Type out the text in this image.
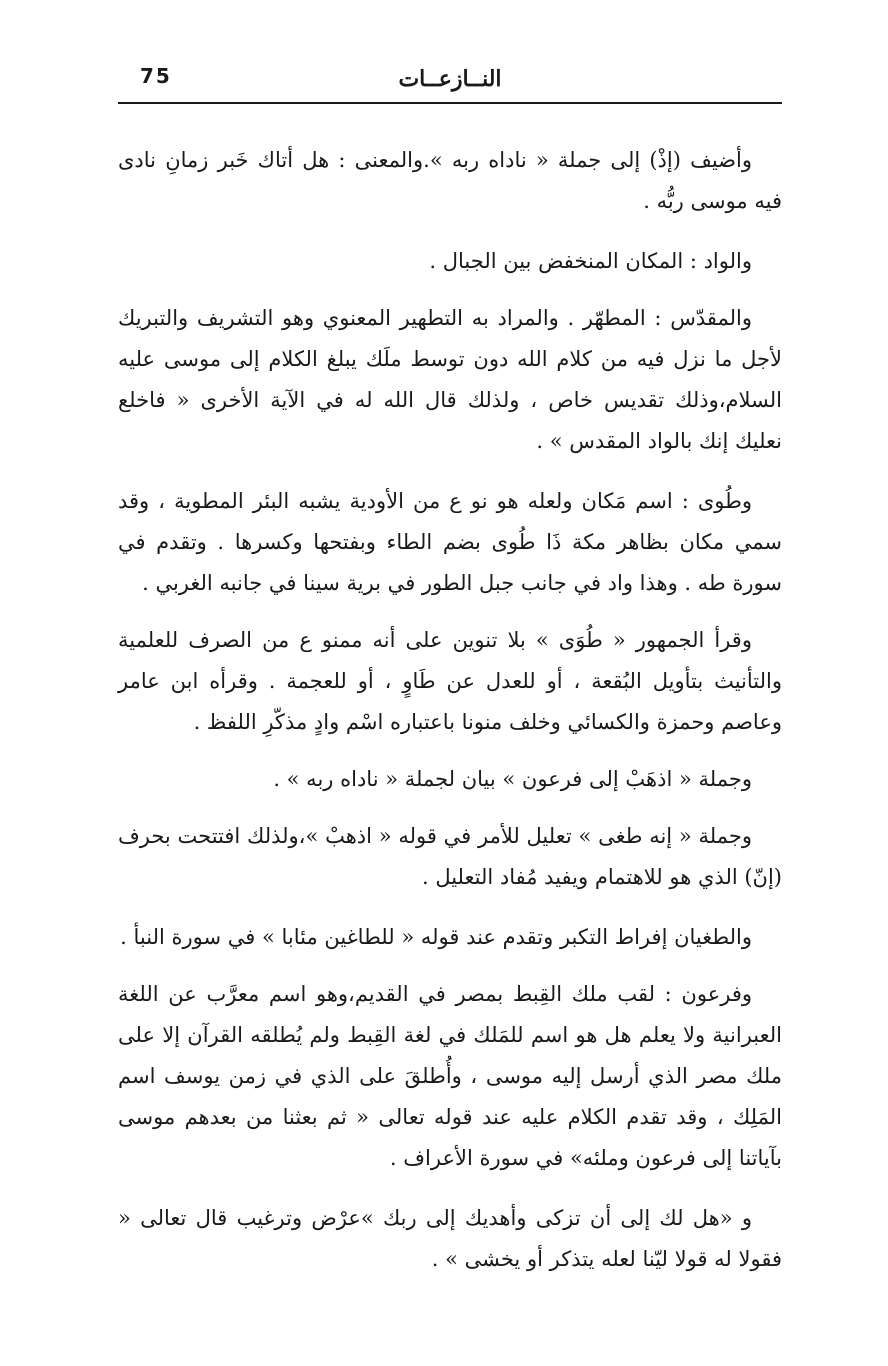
75	النــازعــات

وأضيف (إذْ) إلى جملة « ناداه ربه ».والمعنى : هل أتاك خَبر زمانِ نادى فيه موسى ربُّه .

والواد : المكان المنخفض بين الجبال .

والمقدّس : المطهّر . والمراد به التطهير المعنوي وهو التشريف والتبريك لأجل ما نزل فيه من كلام الله دون توسط ملَك يبلغ الكلام إلى موسى عليه السلام،وذلك تقديس خاص ، ولذلك قال الله له في الآية الأخرى « فاخلع نعليك إنك بالواد المقدس » .

وطُوى : اسم مَكان ولعله هو نو ع من الأودية يشبه البئر المطوية ، وقد سمي مكان بظاهر مكة ذَا طُوى بضم الطاء وبفتحها وكسرها . وتقدم في سورة طه . وهذا واد في جانب جبل الطور في برية سينا في جانبه الغربي .

وقرأ الجمهور « طُوَى » بلا تنوين على أنه ممنو ع من الصرف للعلمية والتأنيث بتأويل البُقعة ، أو للعدل عن طَاوٍ ، أو للعجمة . وقرأه ابن عامر وعاصم وحمزة والكسائي وخلف منونا باعتباره اسْم وادٍ مذكّرِ اللفظ .

وجملة « اذهَبْ إلى فرعون » بيان لجملة « ناداه ربه » .

وجملة « إنه طغى » تعليل للأمر في قوله « اذهبْ »،ولذلك افتتحت بحرف (إنّ) الذي هو للاهتمام ويفيد مُفاد التعليل .

والطغيان إفراط التكبر وتقدم عند قوله « للطاغين مئابا » في سورة النبأ .

وفرعون : لقب ملك القِبط بمصر في القديم،وهو اسم معرَّب عن اللغة العبرانية ولا يعلم هل هو اسم للمَلك في لغة القِبط ولم يُطلقه القرآن إلا على ملك مصر الذي أرسل إليه موسى ، وأُطلقَ على الذي في زمن يوسف اسم المَلِك ، وقد تقدم الكلام عليه عند قوله تعالى « ثم بعثنا من بعدهم موسى بآياتنا إلى فرعون وملئه» في سورة الأعراف .

و «هل لك إلى أن تزكى وأهديك إلى ربك »عرْض وترغيب قال تعالى « فقولا له قولا ليّنا لعله يتذكر أو يخشى » .
